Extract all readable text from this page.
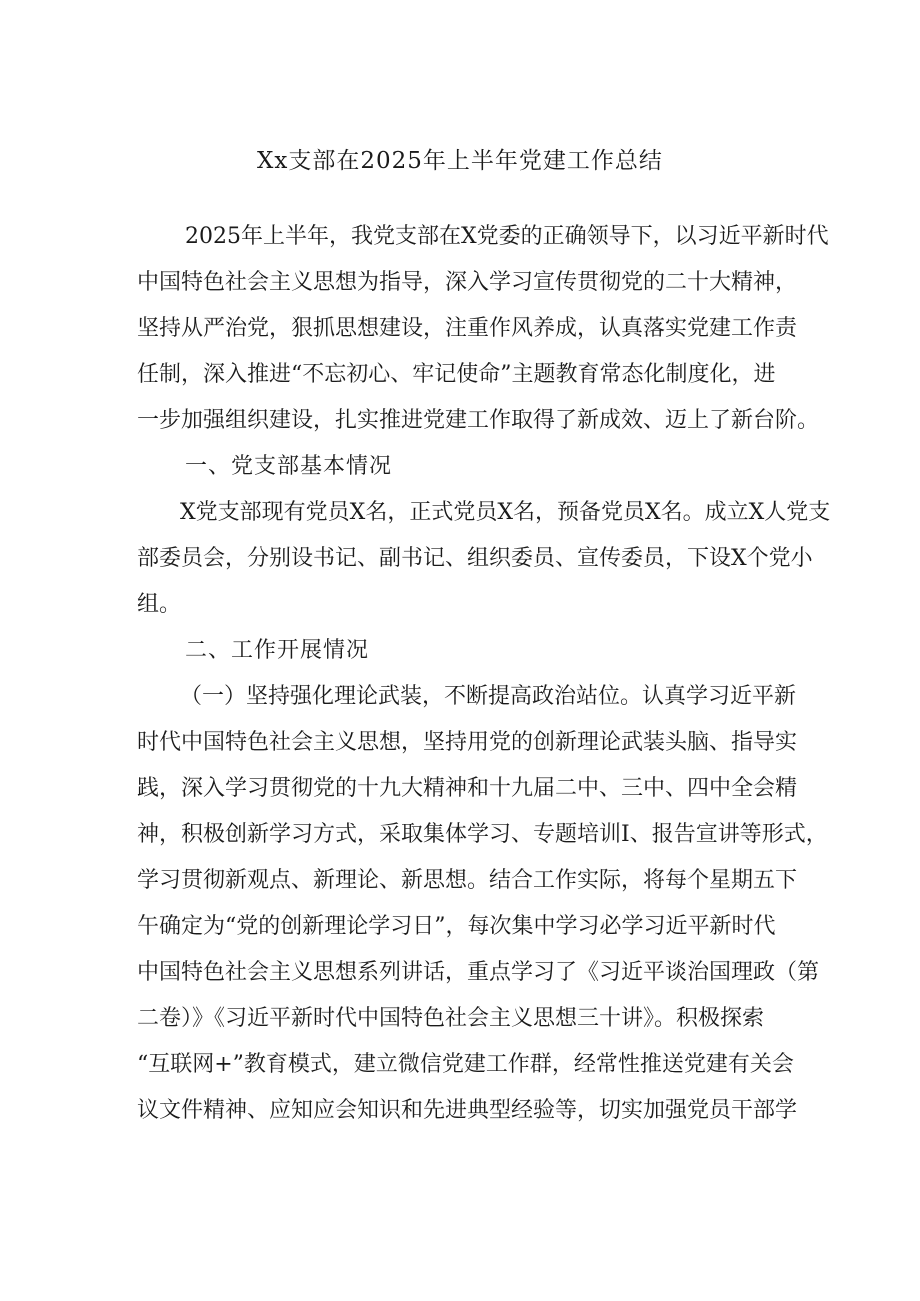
Xx支部在2025年上半年党建工作总结
2025年上半年，我党支部在X党委的正确领导下，以习近平新时代
中国特色社会主义思想为指导，深入学习宣传贯彻党的二十大精神，
坚持从严治党，狠抓思想建设，注重作风养成，认真落实党建工作责
任制，深入推进“不忘初心、牢记使命”主题教育常态化制度化，进
一步加强组织建设，扎实推进党建工作取得了新成效、迈上了新台阶。
一、党支部基本情况
X党支部现有党员X名，正式党员X名，预备党员X名。成立X人党支
部委员会，分别设书记、副书记、组织委员、宣传委员，下设X个党小
组。
二、工作开展情况
（一）坚持强化理论武装，不断提高政治站位。认真学习近平新
时代中国特色社会主义思想，坚持用党的创新理论武装头脑、指导实
践，深入学习贯彻党的十九大精神和十九届二中、三中、四中全会精
神，积极创新学习方式，采取集体学习、专题培训I、报告宣讲等形式，
学习贯彻新观点、新理论、新思想。结合工作实际，将每个星期五下
午确定为“党的创新理论学习日”，每次集中学习必学习近平新时代
中国特色社会主义思想系列讲话，重点学习了《习近平谈治国理政（第
二卷）》《习近平新时代中国特色社会主义思想三十讲》。积极探索
“互联网+”教育模式，建立微信党建工作群，经常性推送党建有关会
议文件精神、应知应会知识和先进典型经验等，切实加强党员干部学
